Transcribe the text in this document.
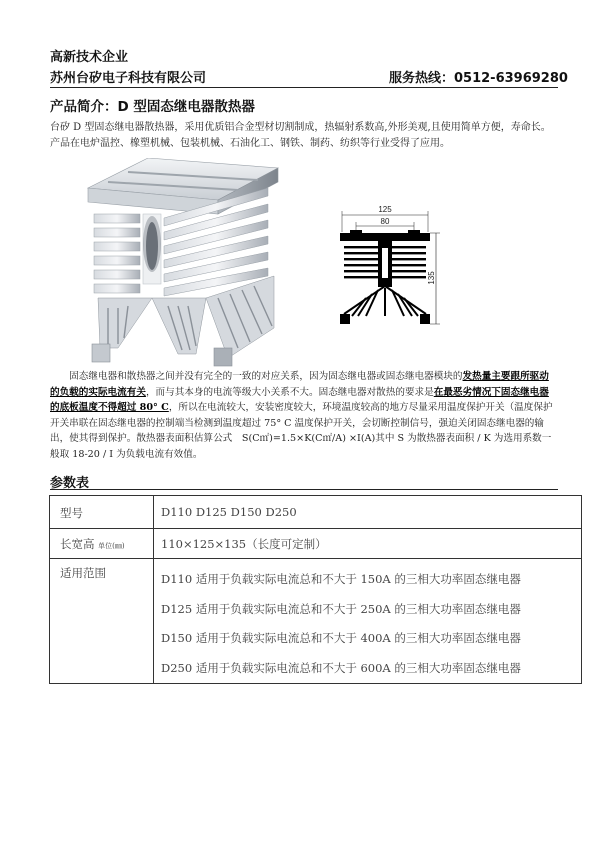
高新技术企业
苏州台矽电子科技有限公司	服务热线：0512-63969280
产品简介：D 型固态继电器散热器
台矽 D 型固态继电器散热器，采用优质铝合金型材切割制成，热辐射系数高,外形美观,且使用简单方便，寿命长。产品在电炉温控、橡塑机械、包装机械、石油化工、钢铁、制药、纺织等行业受得了应用。
125
80
135
固态继电器和散热器之间并没有完全的一致的对应关系，因为固态继电器或固态继电器模块的发热量主要跟所驱动的负载的实际电流有关，而与其本身的电流等级大小关系不大。固态继电器对散热的要求是在最恶劣情况下固态继电器的底板温度不得超过 80° C，所以在电流较大，安装密度较大，环境温度较高的地方尽量采用温度保护开关（温度保护开关串联在固态继电器的控制端当检测到温度超过 75° C 温度保护开关，会切断控制信号，强迫关闭固态继电器的输出，使其得到保护。散热器表面积估算公式　S(C㎡)=1.5×K(C㎡/A) ×I(A)其中 S 为散热器表面积 / K 为选用系数一般取 18-20 / I 为负载电流有效值。
参数表
型号	D110 D125 D150 D250
长宽高 单位(㎜)	110×125×135（长度可定制）
适用范围	D110 适用于负载实际电流总和不大于 150A 的三相大功率固态继电器
D125 适用于负载实际电流总和不大于 250A 的三相大功率固态继电器
D150 适用于负载实际电流总和不大于 400A 的三相大功率固态继电器
D250 适用于负载实际电流总和不大于 600A 的三相大功率固态继电器
